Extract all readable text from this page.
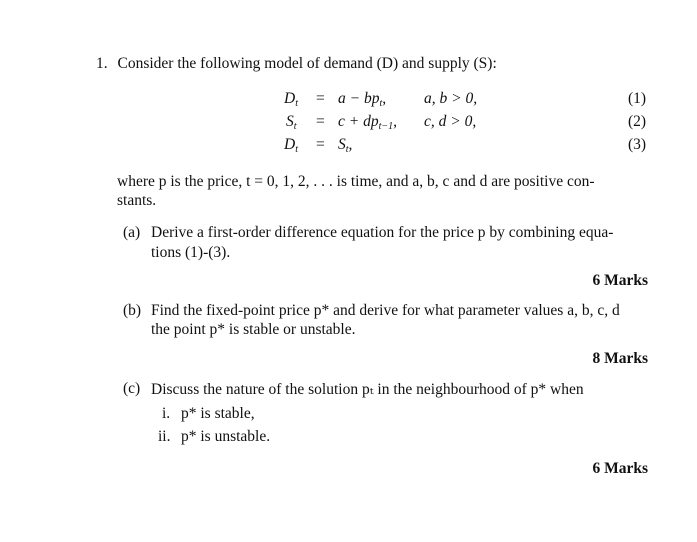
1. Consider the following model of demand (D) and supply (S):
$D_t = a - bp_t$, a, b > 0,	(1)
$S_t = c + dp_{t-1}$, c, d > 0,	(2)
$D_t = S_t$,	(3)
where p is the price, t = 0, 1, 2, . . . is time, and a, b, c and d are positive con-
stants.
(a) Derive a first-order difference equation for the price p by combining equa-
tions (1)-(3).
6 Marks
(b) Find the fixed-point price p* and derive for what parameter values a, b, c, d
the point p* is stable or unstable.
8 Marks
(c) Discuss the nature of the solution pₜ in the neighbourhood of p* when
i. p* is stable,
ii. p* is unstable.
6 Marks
